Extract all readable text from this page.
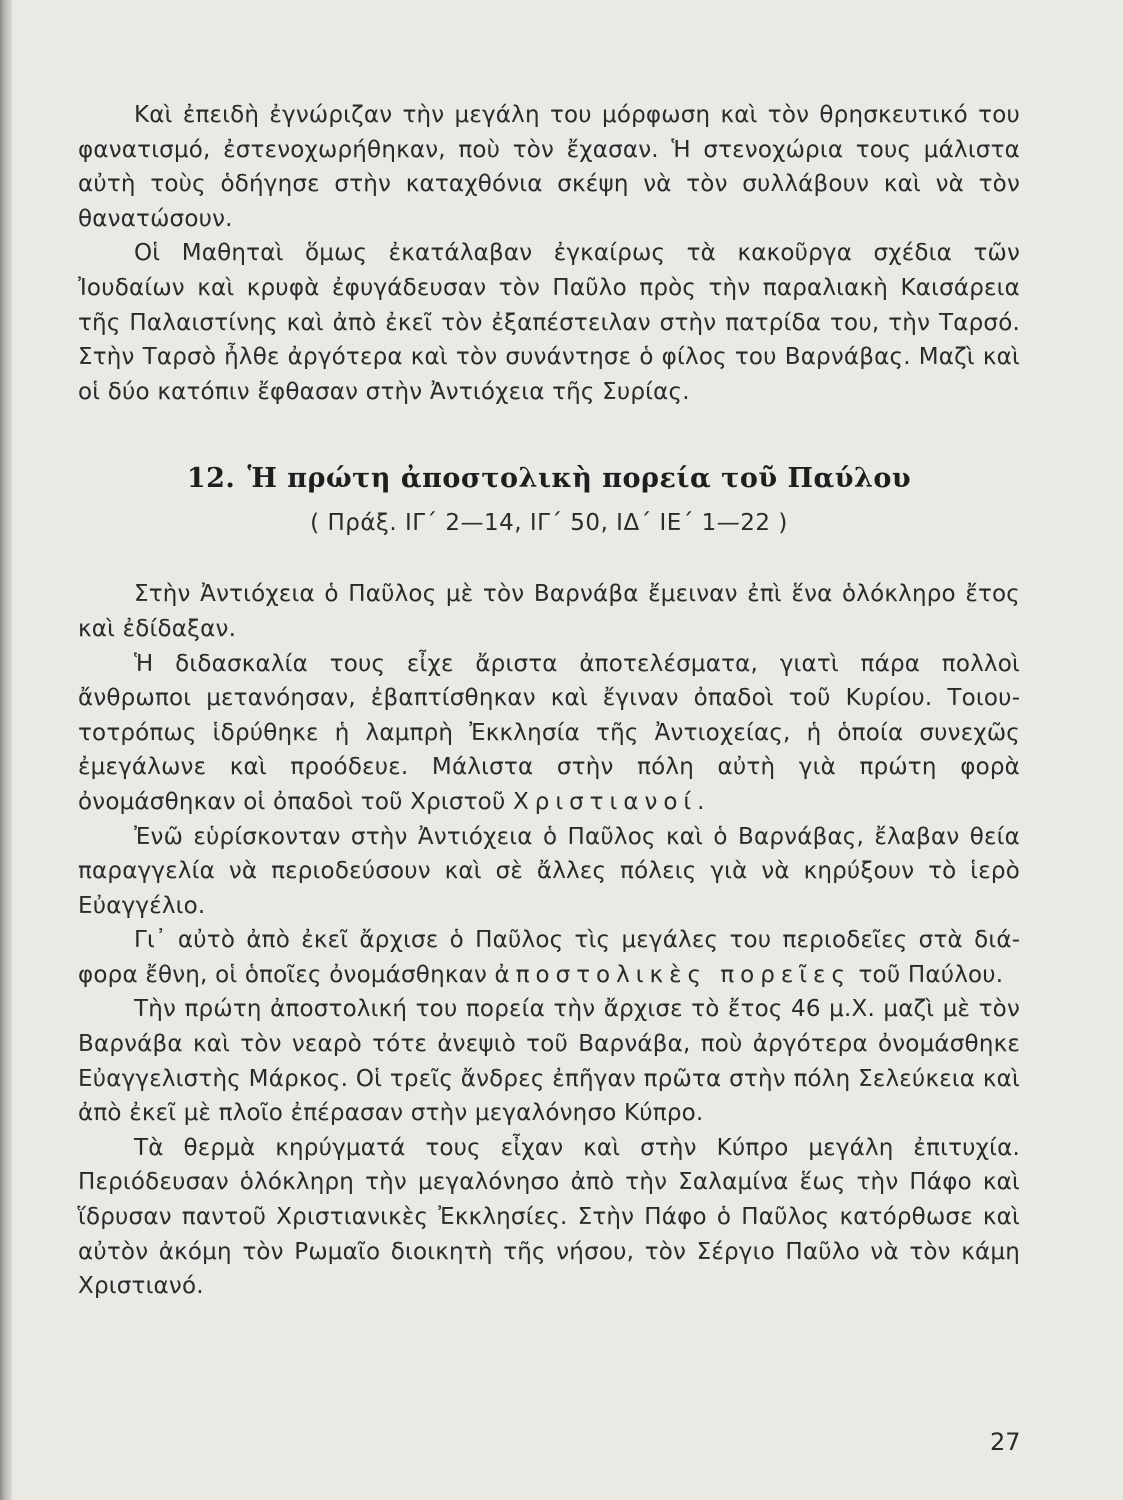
Καὶ ἐπειδὴ ἐγνώριζαν τὴν μεγάλη του μόρφωση καὶ τὸν θρησκευτικό του φανατισμό, ἐστενοχωρήθηκαν, ποὺ τὸν ἔχασαν. Ἡ στενοχώρια τους μάλιστα αὐτὴ τοὺς ὁδήγησε στὴν καταχθόνια σκέψη νὰ τὸν συλλάβουν καὶ νὰ τὸν θανατώσουν.

Οἱ Μαθηταὶ ὅμως ἐκατάλαβαν ἐγκαίρως τὰ κακοῦργα σχέδια τῶν Ἰουδαίων καὶ κρυφὰ ἐφυγάδευσαν τὸν Παῦλο πρὸς τὴν παραλιακὴ Καισάρεια τῆς Παλαιστίνης καὶ ἀπὸ ἐκεῖ τὸν ἐξαπέστειλαν στὴν πατρίδα του, τὴν Ταρσό. Στὴν Ταρσὸ ἦλθε ἀργότερα καὶ τὸν συνάντησε ὁ φίλος του Βαρνάβας. Μαζὶ καὶ οἱ δύο κατόπιν ἔφθασαν στὴν Ἀντιόχεια τῆς Συρίας.

12. Ἡ πρώτη ἀποστολικὴ πορεία τοῦ Παύλου
( Πράξ. ΙΓ΄ 2—14, ΙΓ΄ 50, ΙΔ΄ ΙΕ΄ 1—22 )

Στὴν Ἀντιόχεια ὁ Παῦλος μὲ τὸν Βαρνάβα ἔμειναν ἐπὶ ἕνα ὁλόκληρο ἔτος καὶ ἐδίδαξαν.

Ἡ διδασκαλία τους εἶχε ἄριστα ἀποτελέσματα, γιατὶ πάρα πολλοὶ ἄνθρωποι μετανόησαν, ἐβαπτίσθηκαν καὶ ἔγιναν ὀπαδοὶ τοῦ Κυρίου. Τοιουτοτρόπως ἱδρύθηκε ἡ λαμπρὴ Ἐκκλησία τῆς Ἀντιοχείας, ἡ ὁποία συνεχῶς ἐμεγάλωνε καὶ προόδευε. Μάλιστα στὴν πόλη αὐτὴ γιὰ πρώτη φορὰ ὀνομάσθηκαν οἱ ὀπαδοὶ τοῦ Χριστοῦ Χριστιανοί.

Ἐνῶ εὑρίσκονταν στὴν Ἀντιόχεια ὁ Παῦλος καὶ ὁ Βαρνάβας, ἔλαβαν θεία παραγγελία νὰ περιοδεύσουν καὶ σὲ ἄλλες πόλεις γιὰ νὰ κηρύξουν τὸ ἱερὸ Εὐαγγέλιο.

Γι᾿ αὐτὸ ἀπὸ ἐκεῖ ἄρχισε ὁ Παῦλος τὶς μεγάλες του περιοδεῖες στὰ διάφορα ἔθνη, οἱ ὁποῖες ὀνομάσθηκαν ἀποστολικὲς πορεῖες τοῦ Παύλου.

Τὴν πρώτη ἀποστολική του πορεία τὴν ἄρχισε τὸ ἔτος 46 μ.Χ. μαζὶ μὲ τὸν Βαρνάβα καὶ τὸν νεαρὸ τότε ἀνεψιὸ τοῦ Βαρνάβα, ποὺ ἀργότερα ὀνομάσθηκε Εὐαγγελιστὴς Μάρκος. Οἱ τρεῖς ἄνδρες ἐπῆγαν πρῶτα στὴν πόλη Σελεύκεια καὶ ἀπὸ ἐκεῖ μὲ πλοῖο ἐπέρασαν στὴν μεγαλόνησο Κύπρο.

Τὰ θερμὰ κηρύγματά τους εἶχαν καὶ στὴν Κύπρο μεγάλη ἐπιτυχία. Περιόδευσαν ὁλόκληρη τὴν μεγαλόνησο ἀπὸ τὴν Σαλαμίνα ἕως τὴν Πάφο καὶ ἵδρυσαν παντοῦ Χριστιανικὲς Ἐκκλησίες. Στὴν Πάφο ὁ Παῦλος κατόρθωσε καὶ αὐτὸν ἀκόμη τὸν Ρωμαῖο διοικητὴ τῆς νήσου, τὸν Σέργιο Παῦλο νὰ τὸν κάμη Χριστιανό.

27
